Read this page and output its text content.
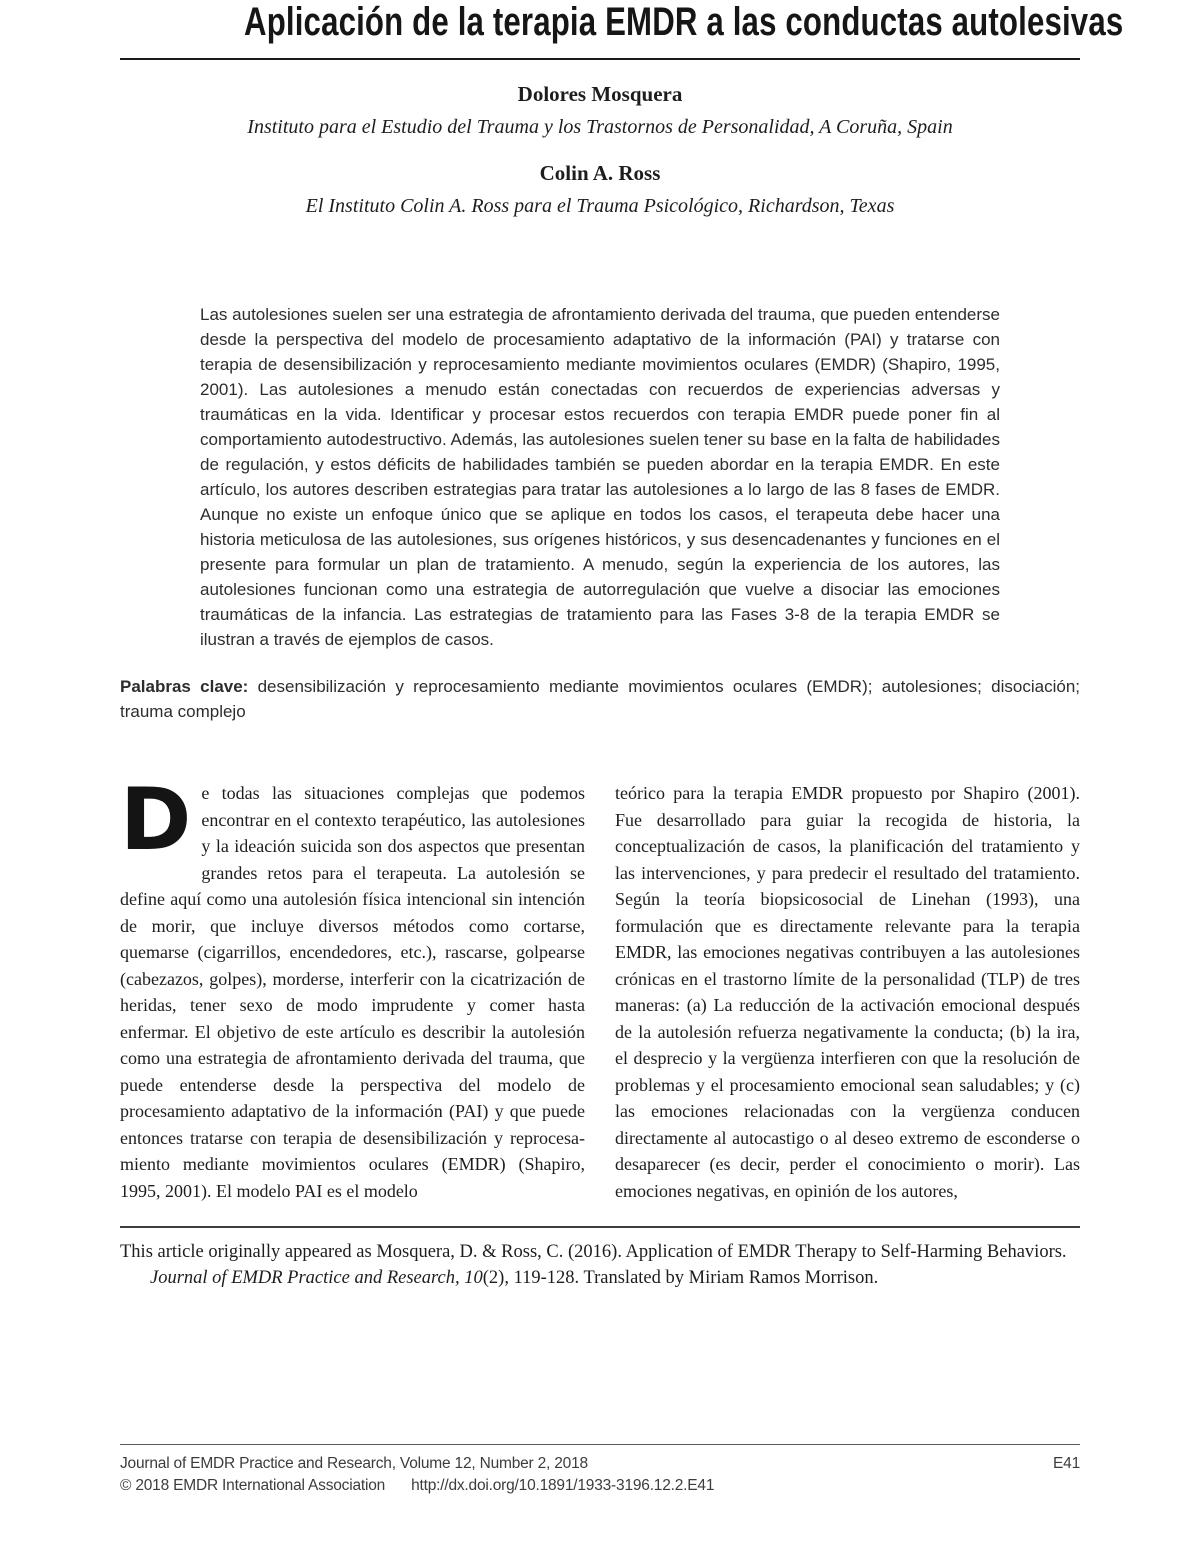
Aplicación de la terapia EMDR a las conductas autolesivas
Dolores Mosquera
Instituto para el Estudio del Trauma y los Trastornos de Personalidad, A Coruña, Spain
Colin A. Ross
El Instituto Colin A. Ross para el Trauma Psicológico, Richardson, Texas
Las autolesiones suelen ser una estrategia de afrontamiento derivada del trauma, que pueden entenderse desde la perspectiva del modelo de procesamiento adaptativo de la información (PAI) y tratarse con terapia de desensibilización y reprocesamiento mediante movimientos oculares (EMDR) (Shapiro, 1995, 2001). Las autolesiones a menudo están conectadas con recuerdos de experiencias adversas y traumáticas en la vida. Identificar y procesar estos recuerdos con terapia EMDR puede poner fin al comportamiento autodestructivo. Además, las autolesiones suelen tener su base en la falta de habilidades de regulación, y estos déficits de habilidades también se pueden abordar en la terapia EMDR. En este artículo, los autores describen estrategias para tratar las autolesiones a lo largo de las 8 fases de EMDR. Aunque no existe un enfoque único que se aplique en todos los casos, el terapeuta debe hacer una historia meticulosa de las autolesiones, sus orígenes históricos, y sus desencadenantes y funciones en el presente para formular un plan de tratamiento. A menudo, según la experiencia de los autores, las autolesiones funcionan como una estrategia de autorregulación que vuelve a disociar las emociones traumáticas de la infancia. Las estrategias de tratamiento para las Fases 3-8 de la terapia EMDR se ilustran a través de ejemplos de casos.

Palabras clave: desensibilización y reprocesamiento mediante movimientos oculares (EMDR); autolesiones; disociación; trauma complejo

De todas las situaciones complejas que podemos encontrar en el contexto terapéutico, las autolesiones y la ideación suicida son dos aspectos que presentan grandes retos para el terapeuta. La autolesión se define aquí como una autolesión física intencional sin intención de morir, que incluye diversos métodos como cortarse, quemarse (cigarrillos, encendedores, etc.), rascarse, golpearse (cabezazos, golpes), morderse, interferir con la cicatrización de heridas, tener sexo de modo imprudente y comer hasta enfermar. El objetivo de este artículo es describir la autolesión como una estrategia de afrontamiento derivada del trauma, que puede entenderse desde la perspectiva del modelo de procesamiento adaptativo de la información (PAI) y que puede entonces tratarse con terapia de desensibilización y reprocesamiento mediante movimientos oculares (EMDR) (Shapiro, 1995, 2001). El modelo PAI es el modelo

teórico para la terapia EMDR propuesto por Shapiro (2001). Fue desarrollado para guiar la recogida de historia, la conceptualización de casos, la planificación del tratamiento y las intervenciones, y para predecir el resultado del tratamiento. Según la teoría biopsicosocial de Linehan (1993), una formulación que es directamente relevante para la terapia EMDR, las emociones negativas contribuyen a las autolesiones crónicas en el trastorno límite de la personalidad (TLP) de tres maneras: (a) La reducción de la activación emocional después de la autolesión refuerza negativamente la conducta; (b) la ira, el desprecio y la vergüenza interfieren con que la resolución de problemas y el procesamiento emocional sean saludables; y (c) las emociones relacionadas con la vergüenza conducen directamente al autocastigo o al deseo extremo de esconderse o desaparecer (es decir, perder el conocimiento o morir). Las emociones negativas, en opinión de los autores,

This article originally appeared as Mosquera, D. & Ross, C. (2016). Application of EMDR Therapy to Self-Harming Behaviors. Journal of EMDR Practice and Research, 10(2), 119-128. Translated by Miriam Ramos Morrison.
Journal of EMDR Practice and Research, Volume 12, Number 2, 2018	E41
© 2018 EMDR International Association http://dx.doi.org/10.1891/1933-3196.12.2.E41
